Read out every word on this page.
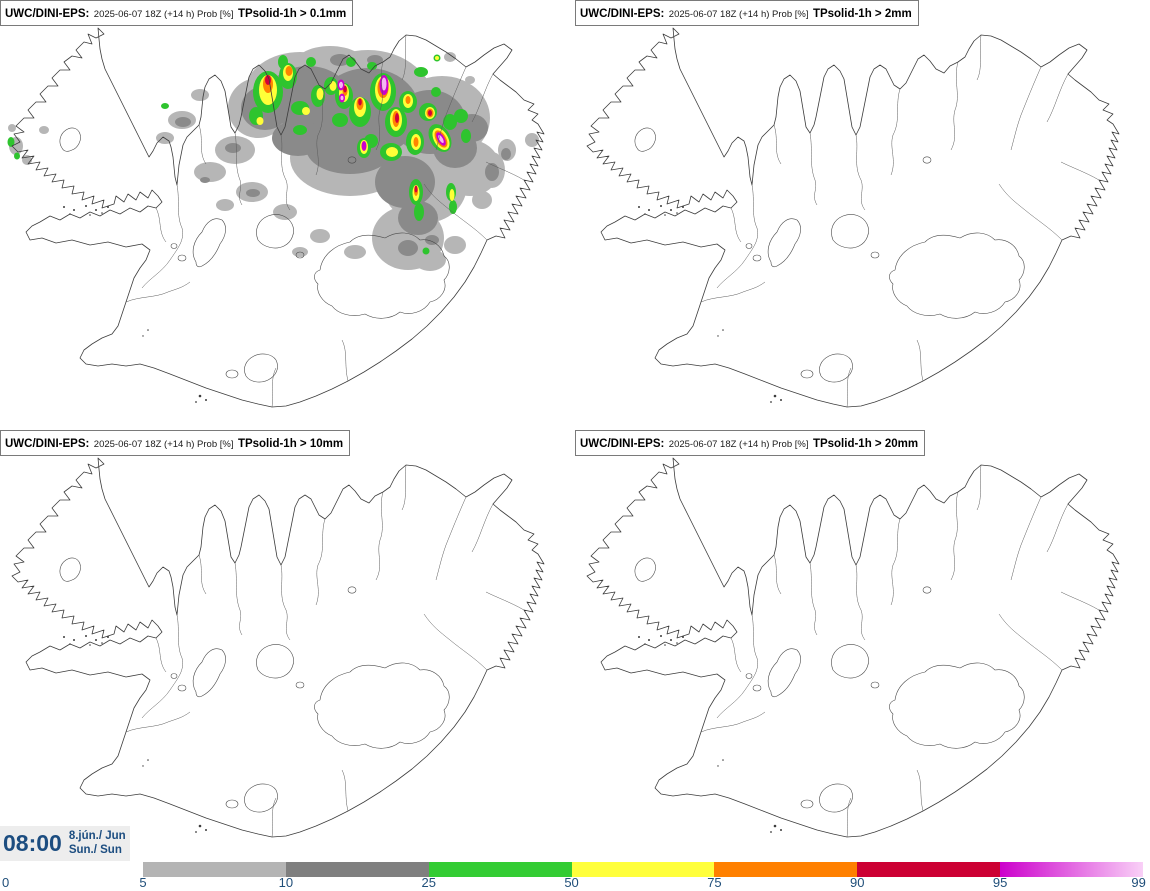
UWC/DINI-EPS: 2025-06-07 18Z (+14 h) Prob [%] TPsolid-1h > 0.1mm	UWC/DINI-EPS: 2025-06-07 18Z (+14 h) Prob [%] TPsolid-1h > 2mm
UWC/DINI-EPS: 2025-06-07 18Z (+14 h) Prob [%] TPsolid-1h > 10mm	UWC/DINI-EPS: 2025-06-07 18Z (+14 h) Prob [%] TPsolid-1h > 20mm
08:00 8.jún./ Jun
Sun./ Sun
0	5	10	25	50	75	90	95	99
